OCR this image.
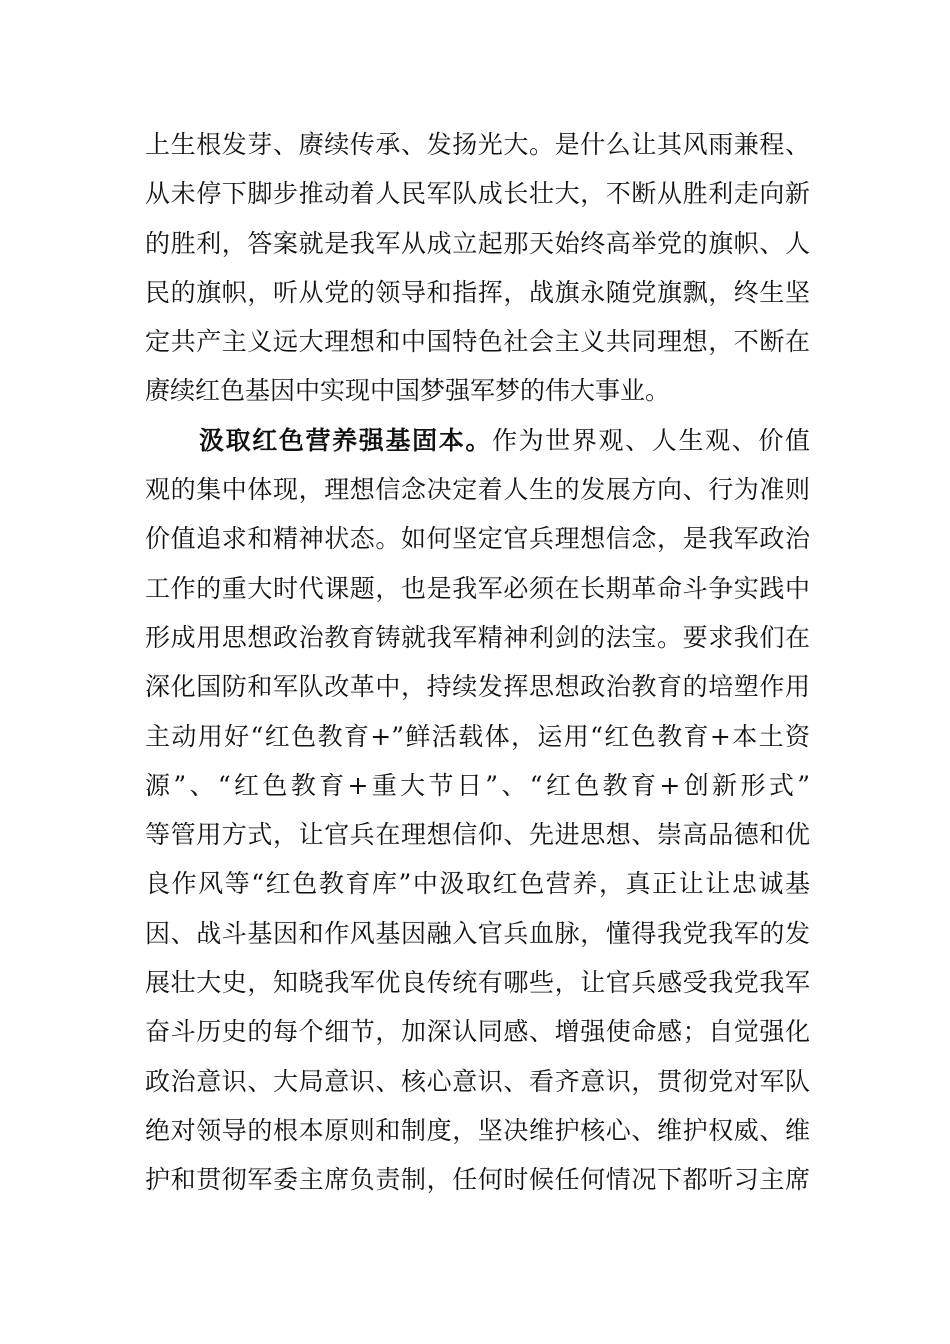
上生根发芽、赓续传承、发扬光大。是什么让其风雨兼程、
从未停下脚步推动着人民军队成长壮大，不断从胜利走向新
的胜利，答案就是我军从成立起那天始终高举党的旗帜、人
民的旗帜，听从党的领导和指挥，战旗永随党旗飘，终生坚
定共产主义远大理想和中国特色社会主义共同理想，不断在
赓续红色基因中实现中国梦强军梦的伟大事业。
汲取红色营养强基固本。作为世界观、人生观、价值
观的集中体现，理想信念决定着人生的发展方向、行为准则
价值追求和精神状态。如何坚定官兵理想信念，是我军政治
工作的重大时代课题，也是我军必须在长期革命斗争实践中
形成用思想政治教育铸就我军精神利剑的法宝。要求我们在
深化国防和军队改革中，持续发挥思想政治教育的培塑作用
主动用好“红色教育+”鲜活载体，运用“红色教育+本土资
源”、“红色教育+重大节日”、“红色教育+创新形式”
等管用方式，让官兵在理想信仰、先进思想、崇高品德和优
良作风等“红色教育库”中汲取红色营养，真正让让忠诚基
因、战斗基因和作风基因融入官兵血脉，懂得我党我军的发
展壮大史，知晓我军优良传统有哪些，让官兵感受我党我军
奋斗历史的每个细节，加深认同感、增强使命感；自觉强化
政治意识、大局意识、核心意识、看齐意识，贯彻党对军队
绝对领导的根本原则和制度，坚决维护核心、维护权威、维
护和贯彻军委主席负责制，任何时候任何情况下都听习主席
